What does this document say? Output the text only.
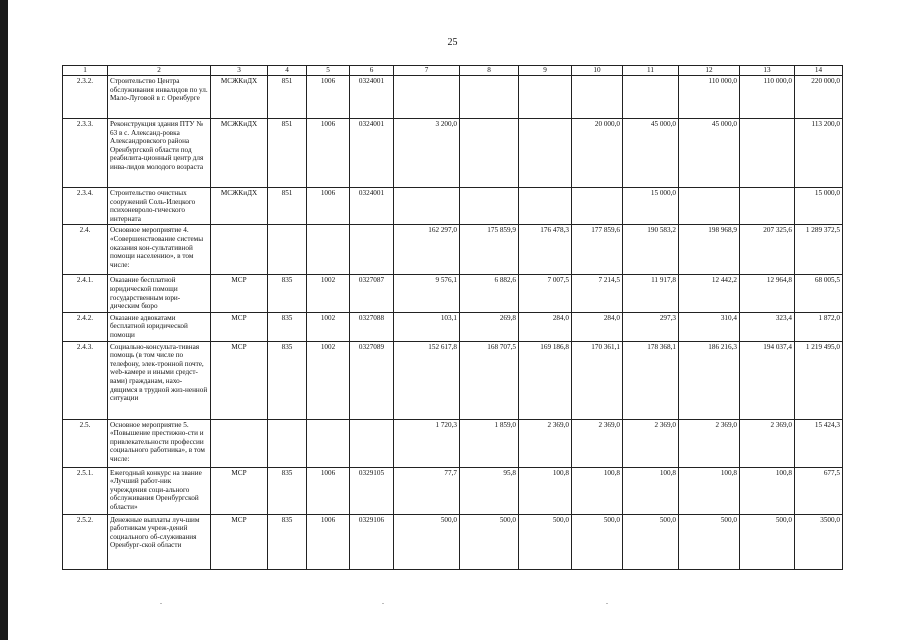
25
1	2	3	4	5	6	7	8	9	10	11	12	13	14
2.3.2.	Строительство Центра обслуживания инвалидов по ул. Мало-Луговой в г. Оренбурге	МСЖКиДХ	851	1006	0324001						110 000,0	110 000,0	220 000,0
2.3.3.	Реконструкция здания ПТУ № 63 в с. Александ-ровка Александровского района Оренбургской области под реабилита-ционный центр для инва-лидов молодого возраста	МСЖКиДХ	851	1006	0324001	3 200,0			20 000,0	45 000,0	45 000,0		113 200,0
2.3.4.	Строительство очистных сооружений Соль-Илецкого психоневроло-гического интерната	МСЖКиДХ	851	1006	0324001					15 000,0			15 000,0
2.4.	Основное мероприятие 4. «Совершенствование системы оказания кон-сультативной помощи населению», в том числе:					162 297,0	175 859,9	176 478,3	177 859,6	190 583,2	198 968,9	207 325,6	1 289 372,5
2.4.1.	Оказание бесплатной юридической помощи государственным юри-дическим бюро	МСР	835	1002	0327087	9 576,1	6 882,6	7 007,5	7 214,5	11 917,8	12 442,2	12 964,8	68 005,5
2.4.2.	Оказание адвокатами бесплатной юридической помощи	МСР	835	1002	0327088	103,1	269,8	284,0	284,0	297,3	310,4	323,4	1 872,0
2.4.3.	Социально-консульта-тивная помощь (в том числе по телефону, элек-тронной почте, web-камере и иными средст-вами) гражданам, нахо-дящимся в трудной жиз-ненной ситуации	МСР	835	1002	0327089	152 617,8	168 707,5	169 186,8	170 361,1	178 368,1	186 216,3	194 037,4	1 219 495,0
2.5.	Основное мероприятие 5. «Повышение престижно-сти и привлекательности профессии социального работника», в том числе:					1 720,3	1 859,0	2 369,0	2 369,0	2 369,0	2 369,0	2 369,0	15 424,3
2.5.1.	Ежегодный конкурс на звание «Лучший работ-ник учреждения соци-ального обслуживания Оренбургской области»	МСР	835	1006	0329105	77,7	95,8	100,8	100,8	100,8	100,8	100,8	677,5
2.5.2.	Денежные выплаты луч-шим работникам учреж-дений социального об-служивания Оренбург-ской области	МСР	835	1006	0329106	500,0	500,0	500,0	500,0	500,0	500,0	500,0	3500,0
